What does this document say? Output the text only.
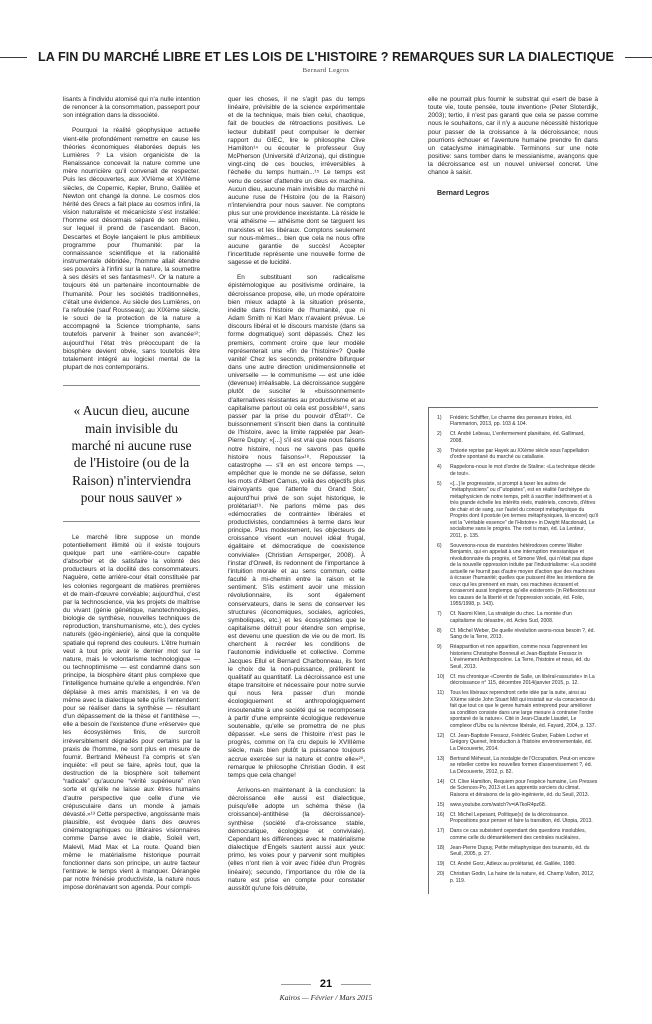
LA FIN DU MARCHÉ LIBRE ET LES LOIS DE L'HISTOIRE ? REMARQUES SUR LA DIALECTIQUE
Bernard Legros

lisants à l'individu atomisé qui n'a nulle intention de renoncer à la consommation, passeport pour son intégration dans la dissociété.

Pourquoi la réalité géophysique actuelle vient-elle profondément remettre en cause les théories économiques élaborées depuis les Lumières ? La vision organiciste de la Renaissance concevait la nature comme une mère nourricière qu'il convenait de respecter. Puis les découvertes, aux XVIème et XVIIème siècles, de Copernic, Kepler, Bruno, Galilée et Newton ont changé la donne. Le cosmos clos hérité des Grecs a fait place au cosmos infini, la vision naturaliste et mécaniciste s'est installée: l'homme est désormais séparé de son milieu, sur lequel il prend de l'ascendant. Bacon, Descartes et Boyle lançaient le plus ambitieux programme pour l'humanité: par la connaissance scientifique et la rationalité instrumentale débridée, l'homme allait étendre ses pouvoirs à l'infini sur la nature, la soumettre à ses désirs et ses fantasmes¹¹. Or la nature a toujours été un partenaire incontournable de l'humanité. Pour les sociétés traditionnelles, c'était une évidence. Au siècle des Lumières, on l'a refoulée (sauf Rousseau); au XIXème siècle, le souci de la protection de la nature a accompagné la Science triomphante, sans toutefois parvenir à freiner son avancée¹²; aujourd'hui l'état très préoccupant de la biosphère devient obvie, sans toutefois être totalement intégré au logiciel mental de la plupart de nos contemporains.

« Aucun dieu, aucune main invisible du marché ni aucune ruse de l'Histoire (ou de la Raison) n'interviendra pour nous sauver »

Le marché libre suppose un monde potentiellement illimité où il existe toujours quelque part une «arrière-cour» capable d'absorber et de satisfaire la volonté des producteurs et la docilité des consommateurs. Naguère, cette arrière-cour était constituée par les colonies regorgeant de matières premières et de main-d'œuvre corvéable; aujourd'hui, c'est par la technoscience, via les projets de maîtrise du vivant (génie génétique, nanotechnologies, biologie de synthèse, nouvelles techniques de reproduction, transhumanisme, etc.), des cycles naturels (géo-ingénierie), ainsi que la conquête spatiale qui reprend des couleurs. L'être humain veut à tout prix avoir le dernier mot sur la nature, mais le volontarisme technologique — ou technoptimisme — est condamné dans son principe, la biosphère étant plus complexe que l'intelligence humaine qu'elle a engendrée. N'en déplaise à mes amis marxistes, il en va de même avec la dialectique telle qu'ils l'entendent: pour se réaliser dans la synthèse — résultant d'un dépassement de la thèse et l'antithèse —, elle a besoin de l'existence d'une «réserve» que les écosystèmes finis, de surcroît irréversiblement dégradés pour certains par la praxis de l'homme, ne sont plus en mesure de fournir. Bertrand Méheust l'a compris et s'en inquiète: «Il peut se faire, après tout, que la destruction de la biosphère soit tellement “radicale” qu'aucune “vérité supérieure” n'en sorte et qu'elle ne laisse aux êtres humains d'autre perspective que celle d'une vie crépusculaire dans un monde à jamais dévasté.»¹³ Cette perspective, angoissante mais plausible, est évoquée dans des œuvres cinématographiques ou littéraires visionnaires comme Danse avec le diable, Soleil vert, Malevil, Mad Max et La route. Quand bien même le matérialisme historique pourrait fonctionner dans son principe, un autre facteur l'entrave: le temps vient à manquer. Dérangée par notre frénésie productiviste, la nature nous impose dorénavant son agenda. Pour compli-

quer les choses, il ne s'agit pas du temps linéaire, prévisible de la science expérimentale et de la technique, mais bien celui, chaotique, fait de boucles de rétroactions positives. Le lecteur dubitatif peut compulser le dernier rapport du GIEC, lire le philosophe Clive Hamilton¹⁴ ou écouter le professeur Guy McPherson (Université d'Arizona), qui distingue vingt-cinq de ces boucles, irréversibles à l'échelle du temps humain...¹⁵ Le temps est venu de cesser d'attendre un deus ex machina. Aucun dieu, aucune main invisible du marché ni aucune ruse de l'Histoire (ou de la Raison) n'interviendra pour nous sauver. Ne comptons plus sur une providence inexistante. Là réside le vrai athéisme — athéisme dont se targuent les marxistes et les libéraux. Comptons seulement sur nous-mêmes... bien que cela ne nous offre aucune garantie de succès! Accepter l'incertitude représente une nouvelle forme de sagesse et de lucidité.

En substituant son radicalisme épistémologique au positivisme ordinaire, la décroissance propose, elle, un mode opératoire bien mieux adapté à la situation présente, inédite dans l'histoire de l'humanité, que ni Adam Smith ni Karl Marx n'avaient prévue. Le discours libéral et le discours marxiste (dans sa forme dogmatique) sont dépassés. Chez les premiers, comment croire que leur modèle représenterait une «fin de l'histoire»? Quelle vanité! Chez les seconds, prétendre bifurquer dans une autre direction unidimensionnelle et universelle — le communisme — est une idée (devenue) irréalisable. La décroissance suggère plutôt de susciter le «buissonnement» d'alternatives résistantes au productivisme et au capitalisme partout où cela est possible¹⁶, sans passer par la prise du pouvoir d'État¹⁷. Ce buissonnement s'inscrit bien dans la continuité de l'histoire, avec la limite rappelée par Jean-Pierre Dupuy: «[...] s'il est vrai que nous faisons notre histoire, nous ne savons pas quelle histoire nous faisons»¹⁸. Repousser la catastrophe — s'il en est encore temps —, empêcher que le monde ne se défasse, selon les mots d'Albert Camus, voilà des objectifs plus clairvoyants que l'attente du Grand Soir, aujourd'hui privé de son sujet historique, le prolétariat¹⁹. Ne parlons même pas des «démocraties de contrainte» libérales et productivistes, condamnées à terme dans leur principe. Plus modestement, les objecteurs de croissance visent «un nouvel idéal frugal, égalitaire et démocratique de coexistence conviviale» (Christian Arnsperger, 2008). À l'instar d'Orwell, ils redonnent de l'importance à l'intuition morale et au sens commun, cette faculté à mi-chemin entre la raison et le sentiment. S'ils estiment avoir une mission révolutionnaire, ils sont également conservateurs, dans le sens de conserver les structures (économiques, sociales, agricoles, symboliques, etc.) et les écosystèmes que le capitalisme détruit pour étendre son emprise, est devenu une question de vie ou de mort. Ils cherchent à recréer les conditions de l'autonomie individuelle et collective. Comme Jacques Ellul et Bernard Charbonneau, ils font le choix de la non-puissance, préfèrent le qualitatif au quantitatif. La décroissance est une étape transitoire et nécessaire pour notre survie qui nous fera passer d'un monde écologiquement et anthropologiquement insoutenable à une société qui se recomposera à partir d'une empreinte écologique redevenue soutenable, qu'elle se promettra de ne plus dépasser. «Le sens de l'histoire n'est pas le progrès, comme on l'a cru depuis le XVIIIème siècle, mais bien plutôt la puissance toujours accrue exercée sur la nature et contre elle»²⁰, remarque le philosophe Christian Godin. Il est temps que cela change!

Arrivons-en maintenant à la conclusion: la décroissance elle aussi est dialectique, puisqu'elle adopte un schéma thèse (la croissance)-antithèse (la décroissance)-synthèse (société d'a-croissance stable, démocratique, écologique et conviviale). Cependant les différences avec le matérialisme dialectique d'Engels sautent aussi aux yeux: primo, les voies pour y parvenir sont multiples (elles n'ont rien à voir avec l'idée d'un Progrès linéaire); secundo, l'importance du rôle de la nature est prise en compte pour constater aussitôt qu'une fois détruite,

elle ne pourrait plus fournir le substrat qui «sert de base à toute vie, toute pensée, toute invention» (Peter Sloterdijk, 2003); tertio, il n'est pas garanti que cela se passe comme nous le souhaitons, car il n'y a aucune nécessité historique pour passer de la croissance à la décroissance; nous pourrions échouer et l'aventure humaine prendre fin dans un cataclysme inimaginable. Terminons sur une note positive: sans tomber dans le messianisme, avançons que la décroissance est un nouvel universel concret. Une chance à saisir.

Bernard Legros
1)	Frédéric Schiffter, Le charme des penseurs tristes, éd. Flammarion, 2013, pp. 103 & 104.
2)	Cf. André Lebeau, L'enfermement planétaire, éd. Gallimard, 2008.
3)	Théorie reprise par Hayek au XXème siècle sous l'appellation d'ordre spontané du marché ou catallaxie.
4)	Rappelons-nous le mot d'ordre de Staline: «La technique décide de tout».
5)	«[...] le progressiste, si prompt à taxer les autres de “métaphysiciens” ou d'“utopistes”, est en réalité l'archétype du métaphysicien de notre temps, prêt à sacrifier indéfiniment et à très grande échelle les intérêts réels, matériels, concrets, d'êtres de chair et de sang, sur l'autel du concept métaphysique du Progrès dont il postule (en termes métaphysiques, là encore) qu'il est la “véritable essence” de l'Histoire» in Dwight Macdonald, Le socialisme sans le progrès. The root is man, éd. La Lenteur, 2011, p. 135.
6)	Souvenons-nous de marxistes hétérodoxes comme Walter Benjamin, qui en appelait à une interruption messianique et révolutionnaire du progrès, et Simone Weil, qui n'était pas dupe de la nouvelle oppression induite par l'industrialisme: «La société actuelle ne fournit pas d'autre moyen d'action que des machines à écraser l'humanité; quelles que puissent être les intentions de ceux qui les prennent en main, ces machines écrasent et écraseront aussi longtemps qu'elle existeront» (in Réflexions sur les causes de la liberté et de l'oppression sociale, éd. Folio, 1955/1998, p. 143).
7)	Cf. Naomi Klein, La stratégie du choc. La montée d'un capitalisme du désastre, éd. Actes Sud, 2008.
8)	Cf. Michel Weber, De quelle révolution avons-nous besoin ?, éd. Sang de la Terre, 2013.
9)	Réapparition et non apparition, comme nous l'apprennent les historiens Christophe Bonneuil et Jean-Baptiste Fressoz in L'événement Anthropocène. La Terre, l'histoire et nous, éd. du Seuil, 2013.
10)	Cf. ma chronique «Corentin de Salle, un libéral-rassuriste» in La décroissance n° 115, décembre 2014/janvier 2015, p. 12.
11)	Tous les libéraux reprendront cette idée par la suite, ainsi au XXème siècle John Stuart Mill qui insistait sur «la conscience du fait que tout ce que le genre humain entreprend pour améliorer sa condition consiste dans une large mesure à contrarier l'ordre spontané de la nature». Cité in Jean-Claude Liaudet, Le complexe d'Ubu ou la névrose libérale, éd. Fayard, 2004, p. 137.
12)	Cf. Jean-Baptiste Fressoz, Frédéric Graber, Fabien Locher et Grégory Quenet, Introduction à l'histoire environnementale, éd. La Découverte, 2014.
13)	Bertrand Méheust, La nostalgie de l'Occupation. Peut-on encore se rebeller contre les nouvelles formes d'asservissement ?, éd. La Découverte, 2012, p. 82.
14)	Cf. Clive Hamilton, Requiem pour l'espèce humaine, Les Presses de Sciences-Po, 2013 et Les apprentis sorciers du climat. Raisons et déraisons de la géo-ingénierie, éd. du Seuil, 2013.
15)	www.youtube.com/watch?v=iA7koR4pz68.
16)	Cf. Michel Lepesant, Politique(s) de la décroissance. Propositions pour penser et faire la transition, éd. Utopia, 2013.
17)	Dans ce cas subsistent cependant des questions insolubles, comme celle du démantèlement des centrales nucléaires.
18)	Jean-Pierre Dupuy, Petite métaphysique des tsunamis, éd. du Seuil, 2005, p. 27.
19)	Cf. André Gorz, Adieux au prolétariat, éd. Galilée, 1980.
20)	Christian Godin, La haine de la nature, éd. Champ Vallon, 2012, p. 119.
21
Kairos — Février / Mars 2015
